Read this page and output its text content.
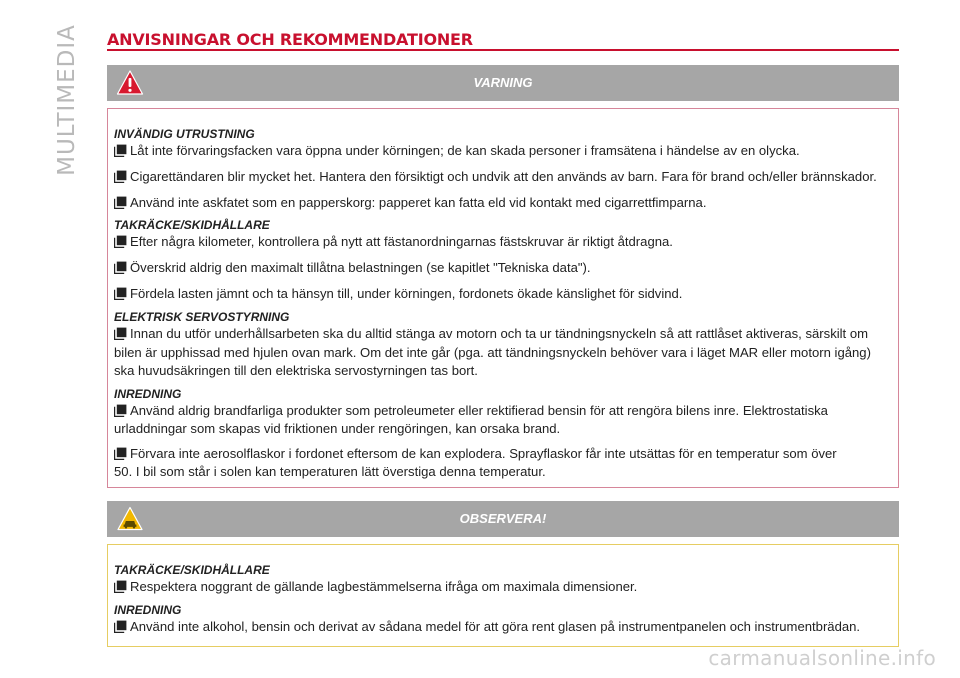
MULTIMEDIA ANVISNINGAR OCH REKOMMENDATIONER
VARNING
INVÄNDIG UTRUSTNING
Låt inte förvaringsfacken vara öppna under körningen; de kan skada personer i framsätena i händelse av en olycka.
Cigarettändaren blir mycket het. Hantera den försiktigt och undvik att den används av barn. Fara för brand och/eller brännskador.
Använd inte askfatet som en papperskorg: papperet kan fatta eld vid kontakt med cigarrettfimparna.
TAKRÄCKE/SKIDHÅLLARE
Efter några kilometer, kontrollera på nytt att fästanordningarnas fästskruvar är riktigt åtdragna.
Överskrid aldrig den maximalt tillåtna belastningen (se kapitlet "Tekniska data").
Fördela lasten jämnt och ta hänsyn till, under körningen, fordonets ökade känslighet för sidvind.
ELEKTRISK SERVOSTYRNING
Innan du utför underhållsarbeten ska du alltid stänga av motorn och ta ur tändningsnyckeln så att rattlåset aktiveras, särskilt om
bilen är upphissad med hjulen ovan mark. Om det inte går (pga. att tändningsnyckeln behöver vara i läget MAR eller motorn igång)
ska huvudsäkringen till den elektriska servostyrningen tas bort.
INREDNING
Använd aldrig brandfarliga produkter som petroleumeter eller rektifierad bensin för att rengöra bilens inre. Elektrostatiska
urladdningar som skapas vid friktionen under rengöringen, kan orsaka brand.
Förvara inte aerosolflaskor i fordonet eftersom de kan explodera. Sprayflaskor får inte utsättas för en temperatur som över
50. I bil som står i solen kan temperaturen lätt överstiga denna temperatur.
OBSERVERA!
TAKRÄCKE/SKIDHÅLLARE
Respektera noggrant de gällande lagbestämmelserna ifråga om maximala dimensioner.
INREDNING
Använd inte alkohol, bensin och derivat av sådana medel för att göra rent glasen på instrumentpanelen och instrumentbrädan.
carmanualsonline.info
